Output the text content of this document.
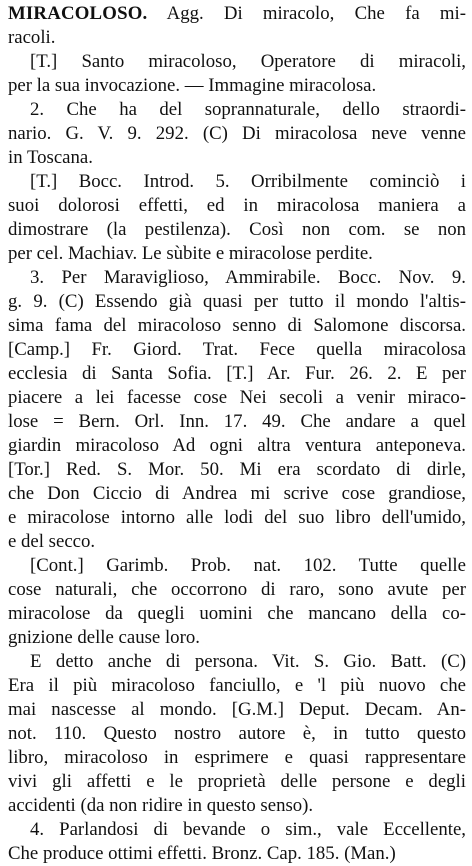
MIRACOLOSO. Agg. Di miracolo, Che fa mi-
racoli.
[T.] Santo miracoloso, Operatore di miracoli,
per la sua invocazione. — Immagine miracolosa.
2. Che ha del soprannaturale, dello straordi-
nario. G. V. 9. 292. (C) Di miracolosa neve venne
in Toscana.
[T.] Bocc. Introd. 5. Orribilmente cominciò i
suoi dolorosi effetti, ed in miracolosa maniera a
dimostrare (la pestilenza). Così non com. se non
per cel. Machiav. Le sùbite e miracolose perdite.
3. Per Maraviglioso, Ammirabile. Bocc. Nov. 9.
g. 9. (C) Essendo già quasi per tutto il mondo l'altis-
sima fama del miracoloso senno di Salomone discorsa.
[Camp.] Fr. Giord. Trat. Fece quella miracolosa
ecclesia di Santa Sofia. [T.] Ar. Fur. 26. 2. E per
piacere a lei facesse cose Nei secoli a venir miraco-
lose = Bern. Orl. Inn. 17. 49. Che andare a quel
giardin miracoloso Ad ogni altra ventura anteponeva.
[Tor.] Red. S. Mor. 50. Mi era scordato di dirle,
che Don Ciccio di Andrea mi scrive cose grandiose,
e miracolose intorno alle lodi del suo libro dell'umido,
e del secco.
[Cont.] Garimb. Prob. nat. 102. Tutte quelle
cose naturali, che occorrono di raro, sono avute per
miracolose da quegli uomini che mancano della co-
gnizione delle cause loro.
E detto anche di persona. Vit. S. Gio. Batt. (C)
Era il più miracoloso fanciullo, e 'l più nuovo che
mai nascesse al mondo. [G.M.] Deput. Decam. An-
not. 110. Questo nostro autore è, in tutto questo
libro, miracoloso in esprimere e quasi rappresentare
vivi gli affetti e le proprietà delle persone e degli
accidenti (da non ridire in questo senso).
4. Parlandosi di bevande o sim., vale Eccellente,
Che produce ottimi effetti. Bronz. Cap. 185. (Man.)
